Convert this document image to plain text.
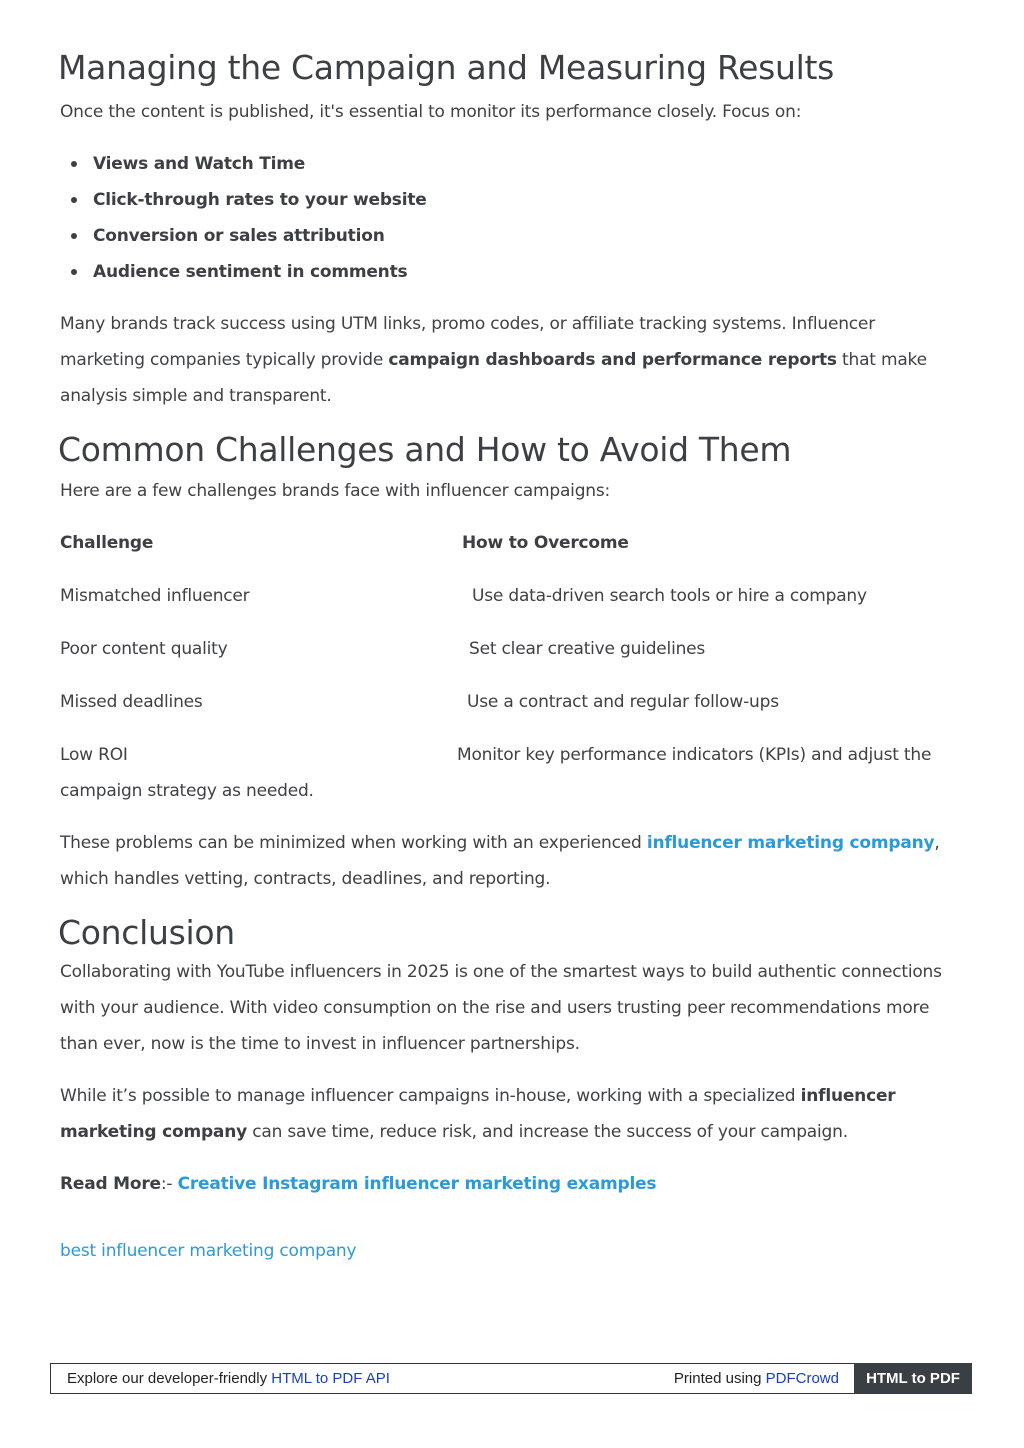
Managing the Campaign and Measuring Results

Once the content is published, it's essential to monitor its performance closely. Focus on:

Views and Watch Time
Click-through rates to your website
Conversion or sales attribution
Audience sentiment in comments

Many brands track success using UTM links, promo codes, or affiliate tracking systems. Influencer marketing companies typically provide campaign dashboards and performance reports that make analysis simple and transparent.

Common Challenges and How to Avoid Them

Here are a few challenges brands face with influencer campaigns:

Challenge	How to Overcome
Mismatched influencer	Use data-driven search tools or hire a company
Poor content quality	Set clear creative guidelines
Missed deadlines	Use a contract and regular follow-ups
Low ROI	Monitor key performance indicators (KPIs) and adjust the
campaign strategy as needed.

These problems can be minimized when working with an experienced influencer marketing company, which handles vetting, contracts, deadlines, and reporting.

Conclusion

Collaborating with YouTube influencers in 2025 is one of the smartest ways to build authentic connections with your audience. With video consumption on the rise and users trusting peer recommendations more than ever, now is the time to invest in influencer partnerships.

While it’s possible to manage influencer campaigns in-house, working with a specialized influencer marketing company can save time, reduce risk, and increase the success of your campaign.

Read More:- Creative Instagram influencer marketing examples

best influencer marketing company

Explore our developer-friendly HTML to PDF API	Printed using PDFCrowd	HTML to PDF
